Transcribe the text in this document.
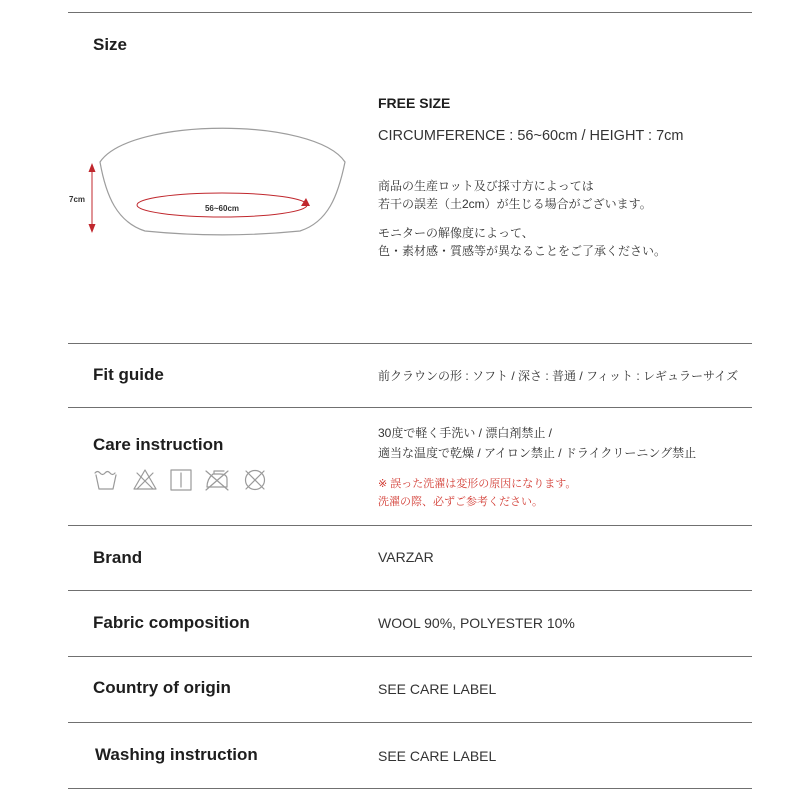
Size
56~60cm
7cm
FREE SIZE
CIRCUMFERENCE : 56~60cm / HEIGHT : 7cm
商品の生産ロット及び採寸方によっては
若干の誤差（土2cm）が生じる場合がございます。
モニターの解像度によって、
色・素材感・質感等が異なることをご了承ください。
Fit guide	前クラウンの形 : ソフト / 深さ : 普通 / フィット : レギュラーサイズ
Care instruction
30度で軽く手洗い / 漂白剤禁止 /
適当な温度で乾燥 / アイロン禁止 / ドライクリーニング禁止
※ 誤った洗濯は変形の原因になります。
洗濯の際、必ずご参考ください。
Brand	VARZAR
Fabric composition	WOOL 90%, POLYESTER 10%
Country of origin	SEE CARE LABEL
Washing instruction	SEE CARE LABEL
